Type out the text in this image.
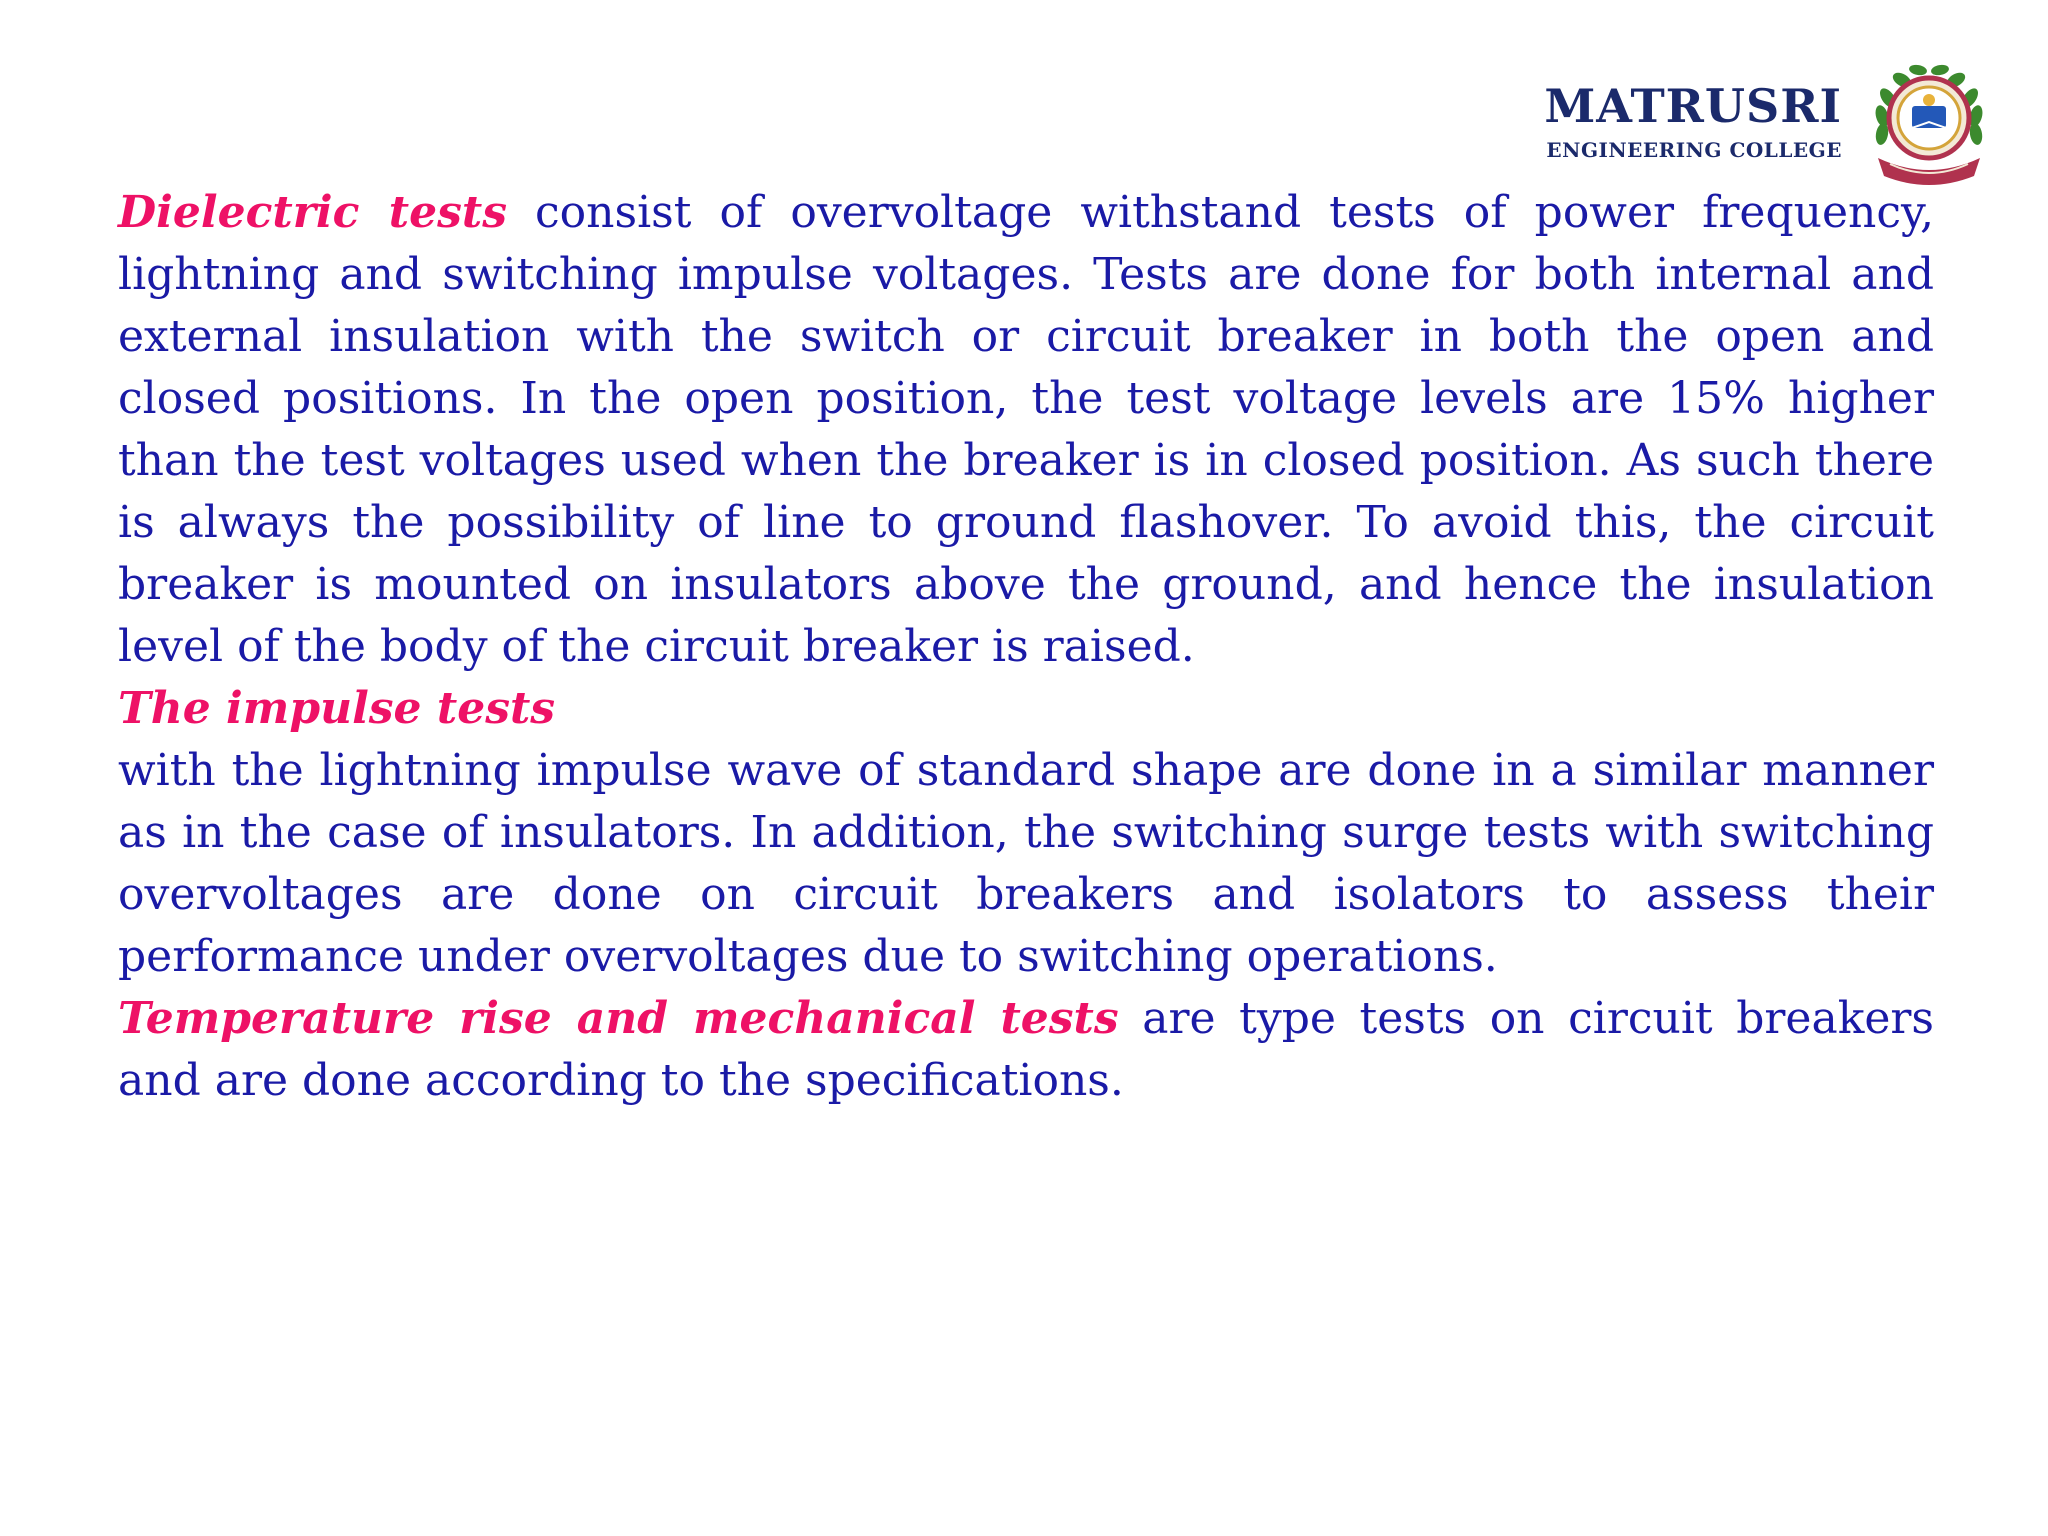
MATRUSRI
ENGINEERING COLLEGE

Dielectric tests consist of overvoltage withstand tests of power frequency, lightning and switching impulse voltages. Tests are done for both internal and external insulation with the switch or circuit breaker in both the open and closed positions. In the open position, the test voltage levels are 15% higher than the test voltages used when the breaker is in closed position. As such there is always the possibility of line to ground flashover. To avoid this, the circuit breaker is mounted on insulators above the ground, and hence the insulation level of the body of the circuit breaker is raised.

The impulse tests

with the lightning impulse wave of standard shape are done in a similar manner as in the case of insulators. In addition, the switching surge tests with switching overvoltages are done on circuit breakers and isolators to assess their performance under overvoltages due to switching operations.

Temperature rise and mechanical tests are type tests on circuit breakers and are done according to the specifications.
